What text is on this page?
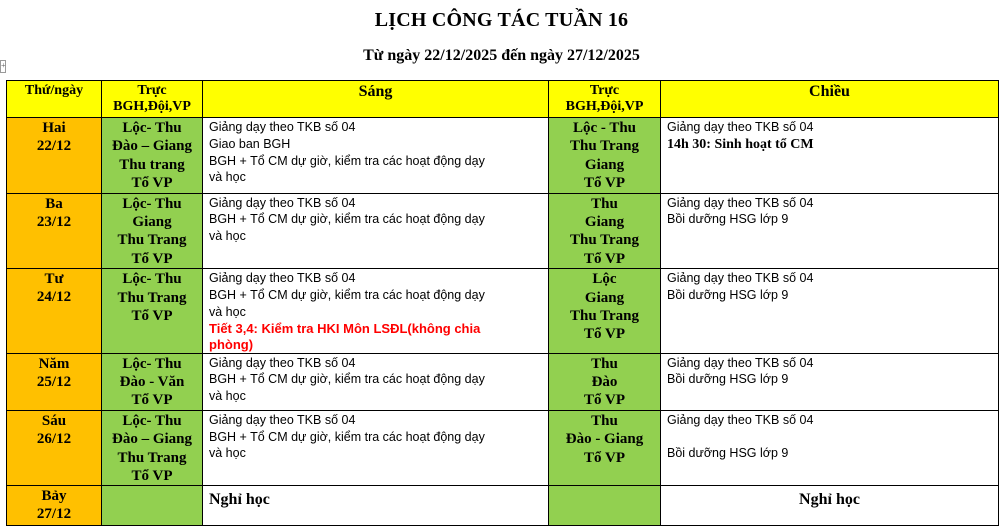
LỊCH CÔNG TÁC TUẦN 16
Từ ngày 22/12/2025 đến ngày 27/12/2025
+
Thứ/ngày	Trực
BGH,Đội,VP	Sáng	Trực
BGH,Đội,VP	Chiều

Hai
22/12	Lộc- Thu
Đào – Giang
Thu trang
Tổ VP	Giảng dạy theo TKB số 04
Giao ban BGH
BGH + Tổ CM dự giờ, kiểm tra các hoạt động dạy
và học	Lộc - Thu
Thu Trang
Giang
Tổ VP	Giảng dạy theo TKB số 04
14h 30: Sinh hoạt tổ CM

Ba
23/12	Lộc- Thu
Giang
Thu Trang
Tổ VP	Giảng dạy theo TKB số 04
BGH + Tổ CM dự giờ, kiểm tra các hoạt động dạy
và học	Thu
Giang
Thu Trang
Tổ VP	Giảng dạy theo TKB số 04
Bồi dưỡng HSG lớp 9

Tư
24/12	Lộc- Thu
Thu Trang
Tổ VP	Giảng dạy theo TKB số 04
BGH + Tổ CM dự giờ, kiểm tra các hoạt động dạy
và học
Tiết 3,4: Kiểm tra HKI Môn LSĐL(không chia
phòng)	Lộc
Giang
Thu Trang
Tổ VP	Giảng dạy theo TKB số 04
Bồi dưỡng HSG lớp 9

Năm
25/12	Lộc- Thu
Đào - Văn
Tổ VP	Giảng dạy theo TKB số 04
BGH + Tổ CM dự giờ, kiểm tra các hoạt động dạy
và học	Thu
Đào
Tổ VP	Giảng dạy theo TKB số 04
Bồi dưỡng HSG lớp 9

Sáu
26/12	Lộc- Thu
Đào – Giang
Thu Trang
Tổ VP	Giảng dạy theo TKB số 04
BGH + Tổ CM dự giờ, kiểm tra các hoạt động dạy
và học	Thu
Đào - Giang
Tổ VP	Giảng dạy theo TKB số 04
Bồi dưỡng HSG lớp 9

Bảy
27/12		Nghỉ học		Nghỉ học
